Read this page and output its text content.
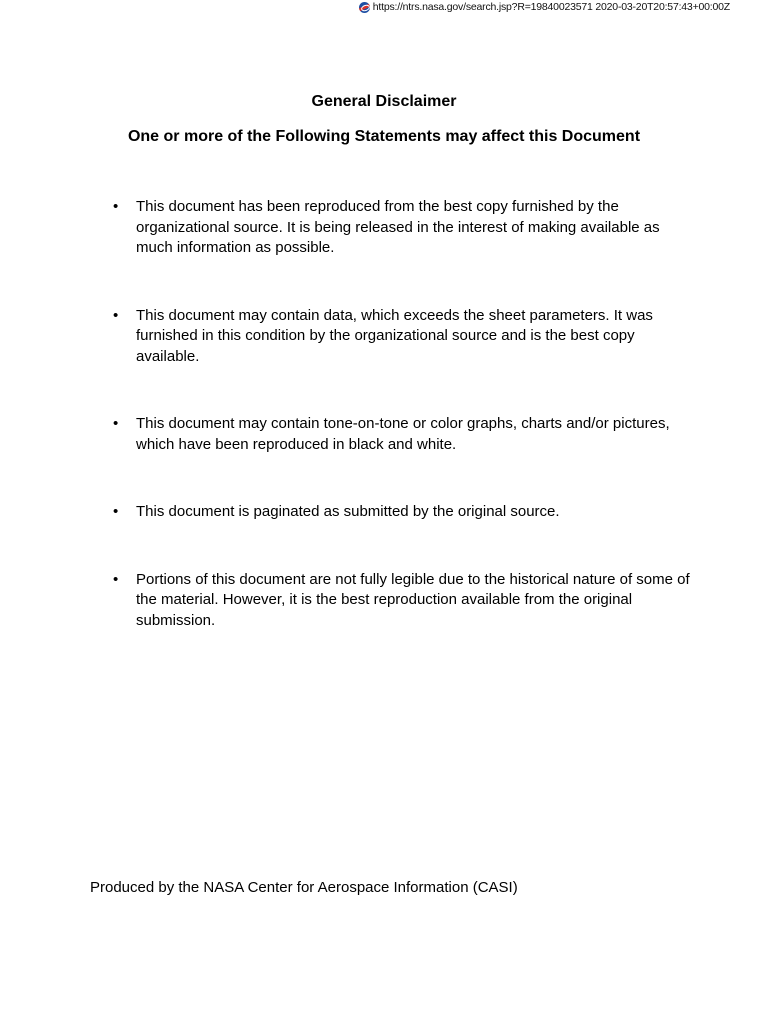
https://ntrs.nasa.gov/search.jsp?R=19840023571 2020-03-20T20:57:43+00:00Z
General Disclaimer
One or more of the Following Statements may affect this Document
• This document has been reproduced from the best copy furnished by the organizational source. It is being released in the interest of making available as much information as possible.
• This document may contain data, which exceeds the sheet parameters. It was furnished in this condition by the organizational source and is the best copy available.
• This document may contain tone-on-tone or color graphs, charts and/or pictures, which have been reproduced in black and white.
• This document is paginated as submitted by the original source.
• Portions of this document are not fully legible due to the historical nature of some of the material. However, it is the best reproduction available from the original submission.

Produced by the NASA Center for Aerospace Information (CASI)
